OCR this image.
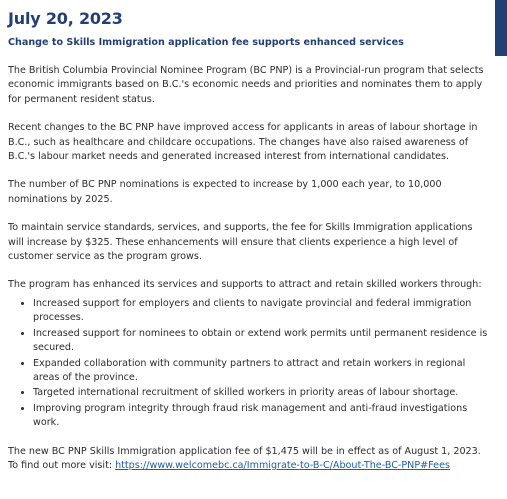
July 20, 2023
Change to Skills Immigration application fee supports enhanced services

The British Columbia Provincial Nominee Program (BC PNP) is a Provincial-run program that selects economic immigrants based on B.C.'s economic needs and priorities and nominates them to apply for permanent resident status.

Recent changes to the BC PNP have improved access for applicants in areas of labour shortage in B.C., such as healthcare and childcare occupations. The changes have also raised awareness of B.C.'s labour market needs and generated increased interest from international candidates.

The number of BC PNP nominations is expected to increase by 1,000 each year, to 10,000 nominations by 2025.

To maintain service standards, services, and supports, the fee for Skills Immigration applications will increase by $325. These enhancements will ensure that clients experience a high level of customer service as the program grows.

The program has enhanced its services and supports to attract and retain skilled workers through:

• Increased support for employers and clients to navigate provincial and federal immigration processes.
• Increased support for nominees to obtain or extend work permits until permanent residence is secured.
• Expanded collaboration with community partners to attract and retain workers in regional areas of the province.
• Targeted international recruitment of skilled workers in priority areas of labour shortage.
• Improving program integrity through fraud risk management and anti-fraud investigations work.

The new BC PNP Skills Immigration application fee of $1,475 will be in effect as of August 1, 2023. To find out more visit: https://www.welcomebc.ca/Immigrate-to-B-C/About-The-BC-PNP#Fees
